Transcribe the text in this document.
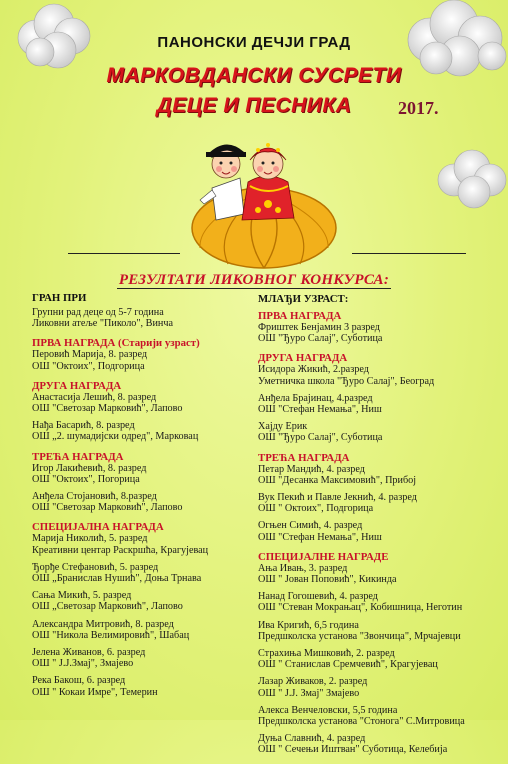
ПАНОНСКИ ДЕЧЈИ ГРАД
МАРКОВДАНСКИ СУСРЕТИ
ДЕЦЕ И ПЕСНИКА	2017.
РЕЗУЛТАТИ ЛИКОВНОГ КОНКУРСА:
ГРАН ПРИ
Групни рад деце од 5-7 година
Ликовни атеље "Пиколо", Винча
ПРВА НАГРАДА (Старији узраст)
Перовић Марија, 8. разред
ОШ "Октоих", Подгорица
ДРУГА НАГРАДА
Анастасија Лешић, 8. разред
ОШ "Светозар Марковић", Лапово
Нађа Басарић, 8. разред
ОШ „2. шумадијски одред", Марковац
ТРЕЋА НАГРАДА
Игор Лакићевић, 8. разред
ОШ "Октоих", Погорица
Анђела Стојановић, 8.разред
ОШ "Светозар Марковић", Лапово
СПЕЦИЈАЛНА НАГРАДА
Марија Николић, 5. разред
Креативни центар Раскршћа, Крагујевац
Ђорђе Стефановић, 5. разред
ОШ „Бранислав Нушић", Доња Трнава
Сања Микић, 5. разред
ОШ „Светозар Марковић", Лапово
Александра Митровић, 8. разред
ОШ "Никола Велимировић", Шабац
Јелена Живанов, 6. разред
ОШ " Ј.Ј.Змај", Змајево
Река Бакош, 6. разред
ОШ " Кокаи Имре", Темерин
МЛАЂИ УЗРАСТ:
ПРВА НАГРАДА
Фриштек Бенјамин 3 разред
ОШ "Ђуро Салај", Суботица
ДРУГА НАГРАДА
Исидора Жикић, 2.разред
Уметничка школа "Ђуро Салај", Београд
Анђела Брајинац, 4.разред
ОШ "Стефан Немања", Ниш
Хајду Ерик
ОШ "Ђуро Салај", Суботица
ТРЕЋА НАГРАДА
Петар Мандић, 4. разред
ОШ "Десанка Максимовић", Прибој
Вук Пекић и Павле Јекнић, 4. разред
ОШ " Октоих", Подгорица
Огњен Симић, 4. разред
ОШ "Стефан Немања", Ниш
СПЕЦИЈАЛНЕ НАГРАДЕ
Ања Ивањ, 3. разред
ОШ " Јован Поповић", Кикинда
Нанад Гогошевић, 4. разред
ОШ "Стеван Мокрањац", Кобишница, Неготин
Ива Кригић, 6,5 година
Предшколска установа "Звончица", Мрчајевци
Страхиња Мишковић, 2. разред
ОШ " Станислав Сремчевић", Крагујевац
Лазар Живаков, 2. разред
ОШ " Ј.Ј. Змај" Змајево
Алекса Венчеловски, 5,5 година
Предшколска установа "Стонога" С.Митровица
Дуња Славнић, 4. разред
ОШ " Сечењи Иштван" Суботица, Келебија
